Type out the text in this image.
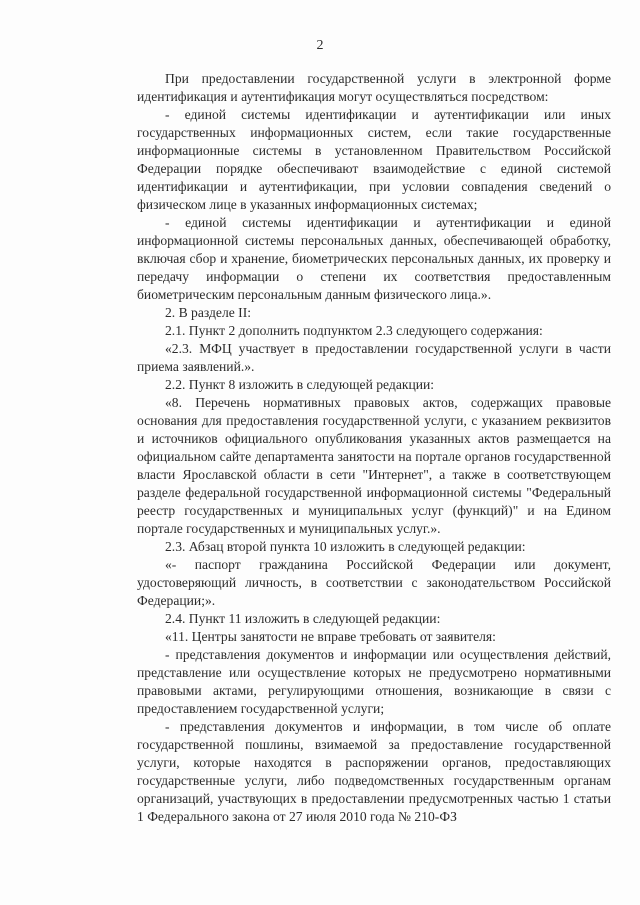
2

При предоставлении государственной услуги в электронной форме идентификация и аутентификация могут осуществляться посредством:

- единой системы идентификации и аутентификации или иных государственных информационных систем, если такие государственные информационные системы в установленном Правительством Российской Федерации порядке обеспечивают взаимодействие с единой системой идентификации и аутентификации, при условии совпадения сведений о физическом лице в указанных информационных системах;

- единой системы идентификации и аутентификации и единой информационной системы персональных данных, обеспечивающей обработку, включая сбор и хранение, биометрических персональных данных, их проверку и передачу информации о степени их соответствия предоставленным биометрическим персональным данным физического лица.».

2. В разделе II:

2.1. Пункт 2 дополнить подпунктом 2.3 следующего содержания:

«2.3. МФЦ участвует в предоставлении государственной услуги в части приема заявлений.».

2.2. Пункт 8 изложить в следующей редакции:

«8. Перечень нормативных правовых актов, содержащих правовые основания для предоставления государственной услуги, с указанием реквизитов и источников официального опубликования указанных актов размещается на официальном сайте департамента занятости на портале органов государственной власти Ярославской области в сети "Интернет", а также в соответствующем разделе федеральной государственной информационной системы "Федеральный реестр государственных и муниципальных услуг (функций)" и на Едином портале государственных и муниципальных услуг.».

2.3. Абзац второй пункта 10 изложить в следующей редакции:

«- паспорт гражданина Российской Федерации или документ, удостоверяющий личность, в соответствии с законодательством Российской Федерации;».

2.4. Пункт 11 изложить в следующей редакции:

«11. Центры занятости не вправе требовать от заявителя:

- представления документов и информации или осуществления действий, представление или осуществление которых не предусмотрено нормативными правовыми актами, регулирующими отношения, возникающие в связи с предоставлением государственной услуги;

- представления документов и информации, в том числе об оплате государственной пошлины, взимаемой за предоставление государственной услуги, которые находятся в распоряжении органов, предоставляющих государственные услуги, либо подведомственных государственным органам организаций, участвующих в предоставлении предусмотренных частью 1 статьи 1 Федерального закона от 27 июля 2010 года № 210-ФЗ
